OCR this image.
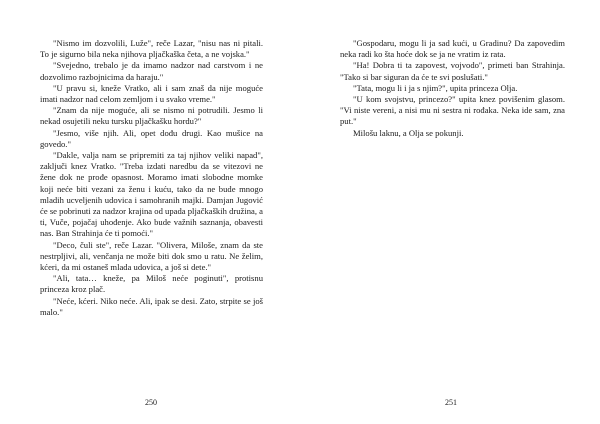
"Nismo im dozvolili, Luže", reče Lazar, "nisu nas ni pitali. To je sigurno bila neka njihova pljačkaška četa, a ne vojska."

"Svejedno, trebalo je da imamo nadzor nad carstvom i ne dozvolimo razbojnicima da haraju."

"U pravu si, kneže Vratko, ali i sam znaš da nije moguće imati nadzor nad celom zemljom i u svako vreme."

"Znam da nije moguće, ali se nismo ni potrudili. Jesmo li nekad osujetili neku tursku pljačkašku hordu?"

"Jesmo, više njih. Ali, opet dođu drugi. Kao mušice na govedo."

"Dakle, valja nam se pripremiti za taj njihov veliki napad", zaključi knez Vratko. "Treba izdati naredbu da se vitezovi ne žene dok ne prođe opasnost. Moramo imati slobodne momke koji neće biti vezani za ženu i kuću, tako da ne bude mnogo mladih ucveljenih udovica i samohranih majki. Damjan Jugović će se pobrinuti za nadzor krajina od upada pljačkaških družina, a ti, Vuče, pojačaj uhođenje. Ako bude važnih saznanja, obavesti nas. Ban Strahinja će ti pomoći."

"Deco, čuli ste", reče Lazar. "Olivera, Miloše, znam da ste nestrpljivi, ali, venčanja ne može biti dok smo u ratu. Ne želim, kćeri, da mi ostaneš mlada udovica, a još si dete."

"Ali, tata… kneže, pa Miloš neće poginuti", protisnu princeza kroz plač.

"Neće, kćeri. Niko neće. Ali, ipak se desi. Zato, strpite se još malo."

250

"Gospodaru, mogu li ja sad kući, u Gradinu? Da zapovedim neka radi ko šta hoće dok se ja ne vratim iz rata.

"Ha! Dobra ti ta zapovest, vojvodo", primeti ban Strahinja. "Tako si bar siguran da će te svi poslušati."

"Tata, mogu li i ja s njim?", upita princeza Olja.

"U kom svojstvu, princezo?" upita knez povišenim glasom. "Vi niste vereni, a nisi mu ni sestra ni rođaka. Neka ide sam, zna put."

Milošu laknu, a Olja se pokunji.

251
